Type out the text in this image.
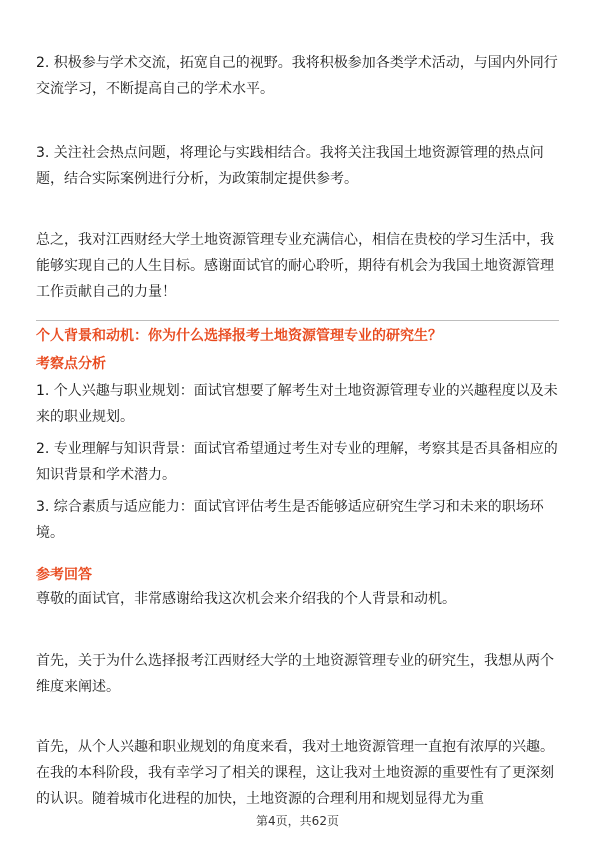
2. 积极参与学术交流，拓宽自己的视野。我将积极参加各类学术活动，与国内外同行交流学习，不断提高自己的学术水平。

3. 关注社会热点问题，将理论与实践相结合。我将关注我国土地资源管理的热点问题，结合实际案例进行分析，为政策制定提供参考。

总之，我对江西财经大学土地资源管理专业充满信心，相信在贵校的学习生活中，我能够实现自己的人生目标。感谢面试官的耐心聆听，期待有机会为我国土地资源管理工作贡献自己的力量！

个人背景和动机：你为什么选择报考土地资源管理专业的研究生？

考察点分析

1. 个人兴趣与职业规划：面试官想要了解考生对土地资源管理专业的兴趣程度以及未来的职业规划。

2. 专业理解与知识背景：面试官希望通过考生对专业的理解，考察其是否具备相应的知识背景和学术潜力。

3. 综合素质与适应能力：面试官评估考生是否能够适应研究生学习和未来的职场环境。

参考回答

尊敬的面试官，非常感谢给我这次机会来介绍我的个人背景和动机。

首先，关于为什么选择报考江西财经大学的土地资源管理专业的研究生，我想从两个维度来阐述。

首先，从个人兴趣和职业规划的角度来看，我对土地资源管理一直抱有浓厚的兴趣。在我的本科阶段，我有幸学习了相关的课程，这让我对土地资源的重要性有了更深刻的认识。随着城市化进程的加快，土地资源的合理利用和规划显得尤为重

第4页，共62页
